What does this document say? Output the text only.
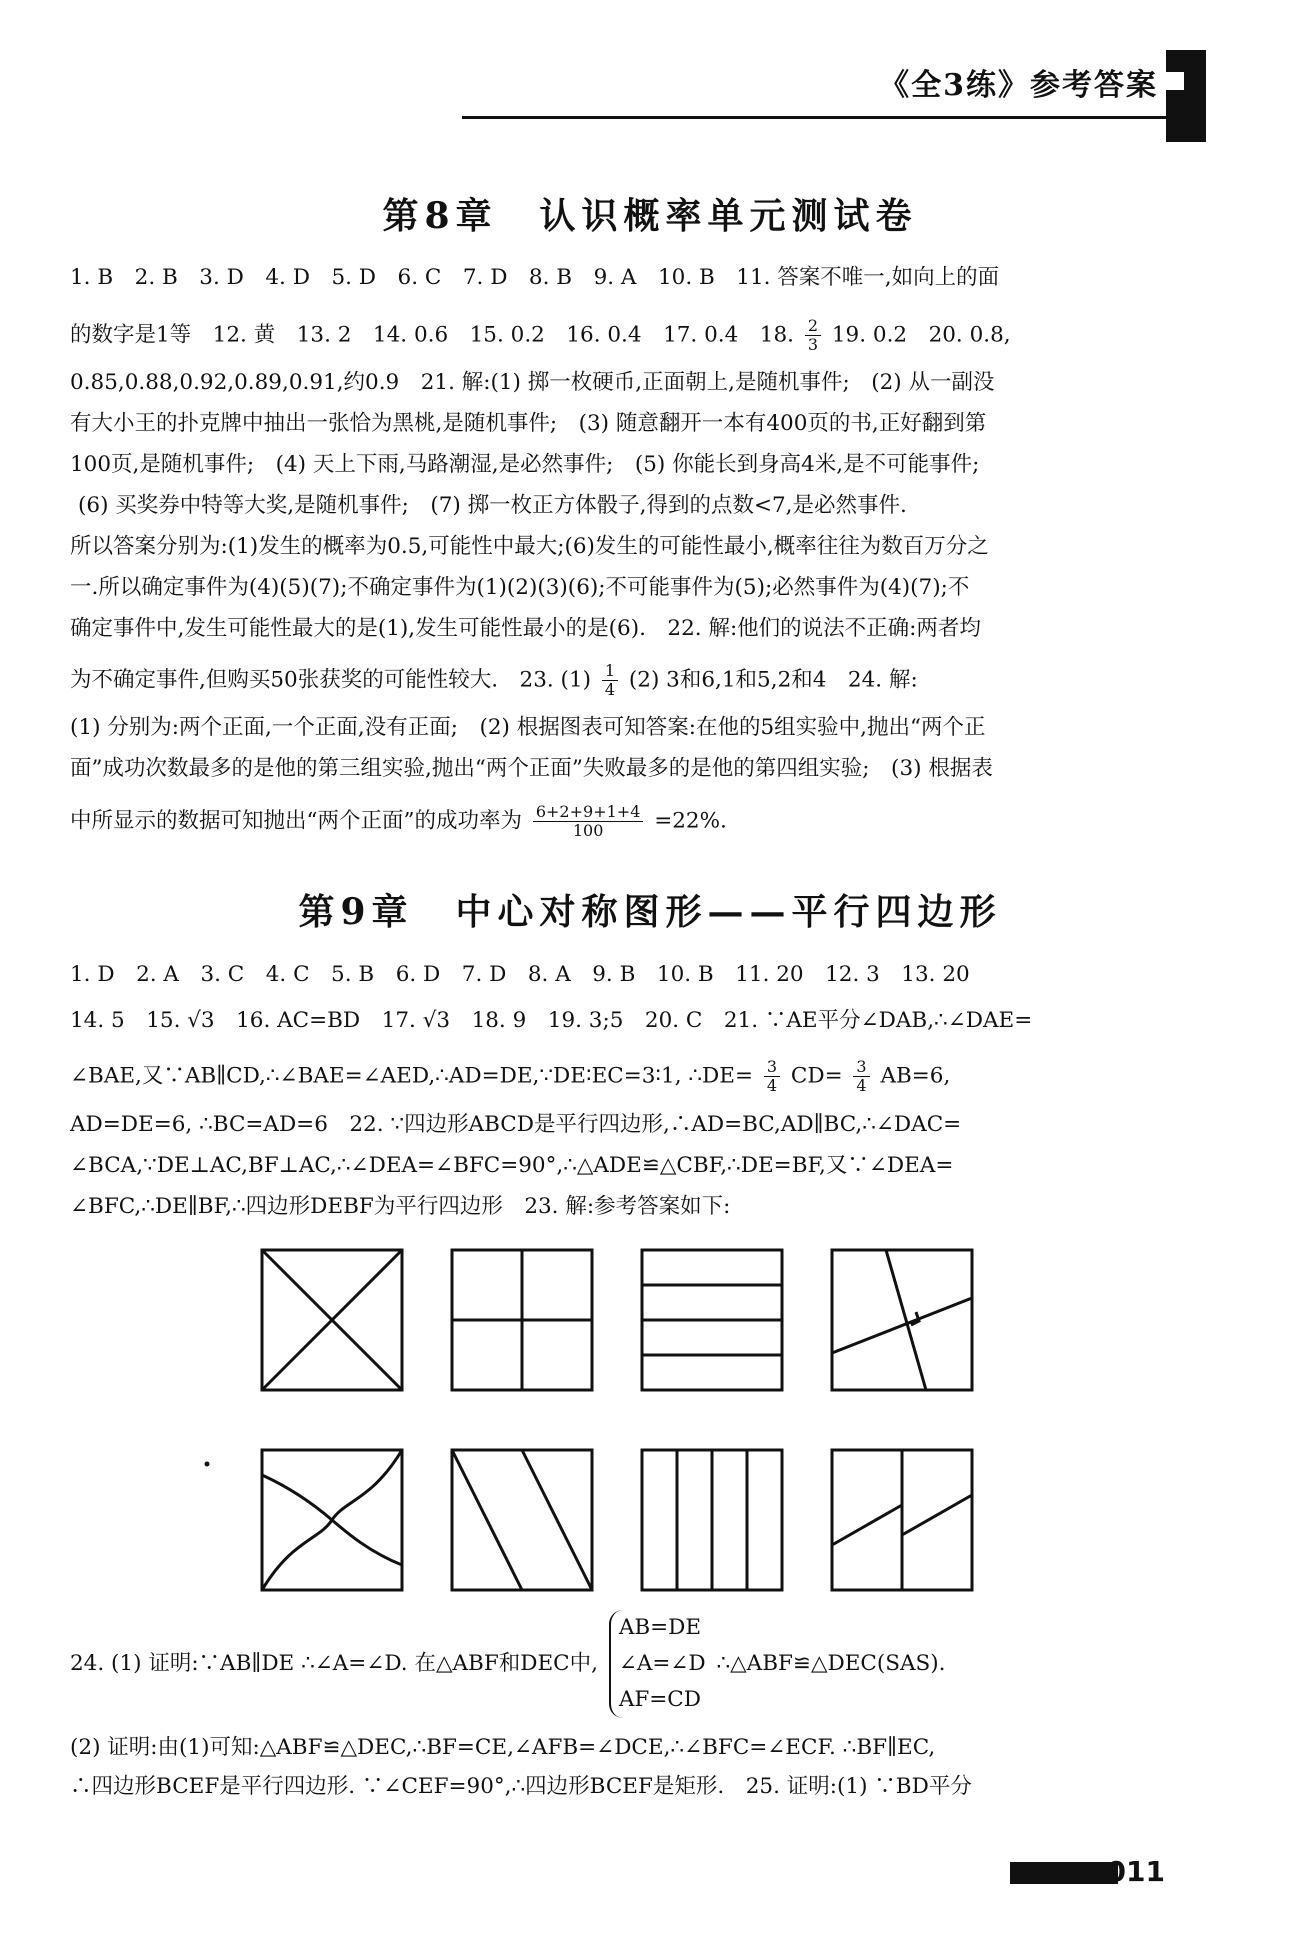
《全3练》参考答案
第8章　认识概率单元测试卷
1. B　2. B　3. D　4. D　5. D　6. C　7. D　8. B　9. A　10. B　11. 答案不唯一,如向上的面
的数字是1等　12. 黄　13. 2　14. 0.6　15. 0.2　16. 0.4　17. 0.4　18. $\frac{2}{3} 19$. 0.2　20. 0.8,
0.85,0.88,0.92,0.89,0.91,约0.9　21. 解:(1) 掷一枚硬币,正面朝上,是随机事件;　(2) 从一副没
有大小王的扑克牌中抽出一张恰为黑桃,是随机事件;　(3) 随意翻开一本有400页的书,正好翻到第
100页,是随机事件;　(4) 天上下雨,马路潮湿,是必然事件;　(5) 你能长到身高4米,是不可能事件;
(6) 买奖券中特等大奖,是随机事件;　(7) 掷一枚正方体骰子,得到的点数<7,是必然事件.
所以答案分别为:(1)发生的概率为0.5,可能性中最大;(6)发生的可能性最小,概率往往为数百万分之
一.所以确定事件为(4)(5)(7);不确定事件为(1)(2)(3)(6);不可能事件为(5);必然事件为(4)(7);不
确定事件中,发生可能性最大的是(1),发生可能性最小的是(6).　22. 解:他们的说法不正确:两者均
为不确定事件,但购买50张获奖的可能性较大.　23. $(1) \frac{1}{4} (2)$ 3和6,1和5,2和4　24. 解:
(1) 分别为:两个正面,一个正面,没有正面;　(2) 根据图表可知答案:在他的5组实验中,抛出“两个正
面”成功次数最多的是他的第三组实验,抛出“两个正面”失败最多的是他的第四组实验;　(3) 根据表
中所显示的数据可知抛出“两个正面”的成功率为 $\frac{6+2+9+1+4}{100} =22\%$.
第9章　中心对称图形——平行四边形
1. D　2. A　3. C　4. C　5. B　6. D　7. D　8. A　9. B　10. B　11. 20　12. 3　13. 20
14. 5　15. √3　16. AC=BD　17. √3　18. 9　19. 3;5　20. C　21. ∵AE平分∠DAB,∴∠DAE=
∠BAE,又∵AB∥CD,∴∠BAE=∠AED,∴AD=DE,∵DE∶EC=3∶1, ∴DE= $\frac{3}{4} CD= \frac{3}{4} AB=6$,
AD=DE=6, ∴BC=AD=6　22. ∵四边形ABCD是平行四边形,∴AD=BC,AD∥BC,∴∠DAC=
∠BCA,∵DE⊥AC,BF⊥AC,∴∠DEA=∠BFC=90°,∴△ADE≌△CBF,∴DE=BF,又∵∠DEA=
∠BFC,∴DE∥BF,∴四边形DEBF为平行四边形　23. 解:参考答案如下:
24. (1) 证明:∵AB∥DE ∴∠A=∠D. 在△ABF和DEC中,
AB=DE
∠A=∠D
AF=CD
∴△ABF≌△DEC(SAS).
(2) 证明:由(1)可知:△ABF≌△DEC,∴BF=CE,∠AFB=∠DCE,∴∠BFC=∠ECF. ∴BF∥EC,
∴四边形BCEF是平行四边形. ∵∠CEF=90°,∴四边形BCEF是矩形.　25. 证明:(1) ∵BD平分
011
